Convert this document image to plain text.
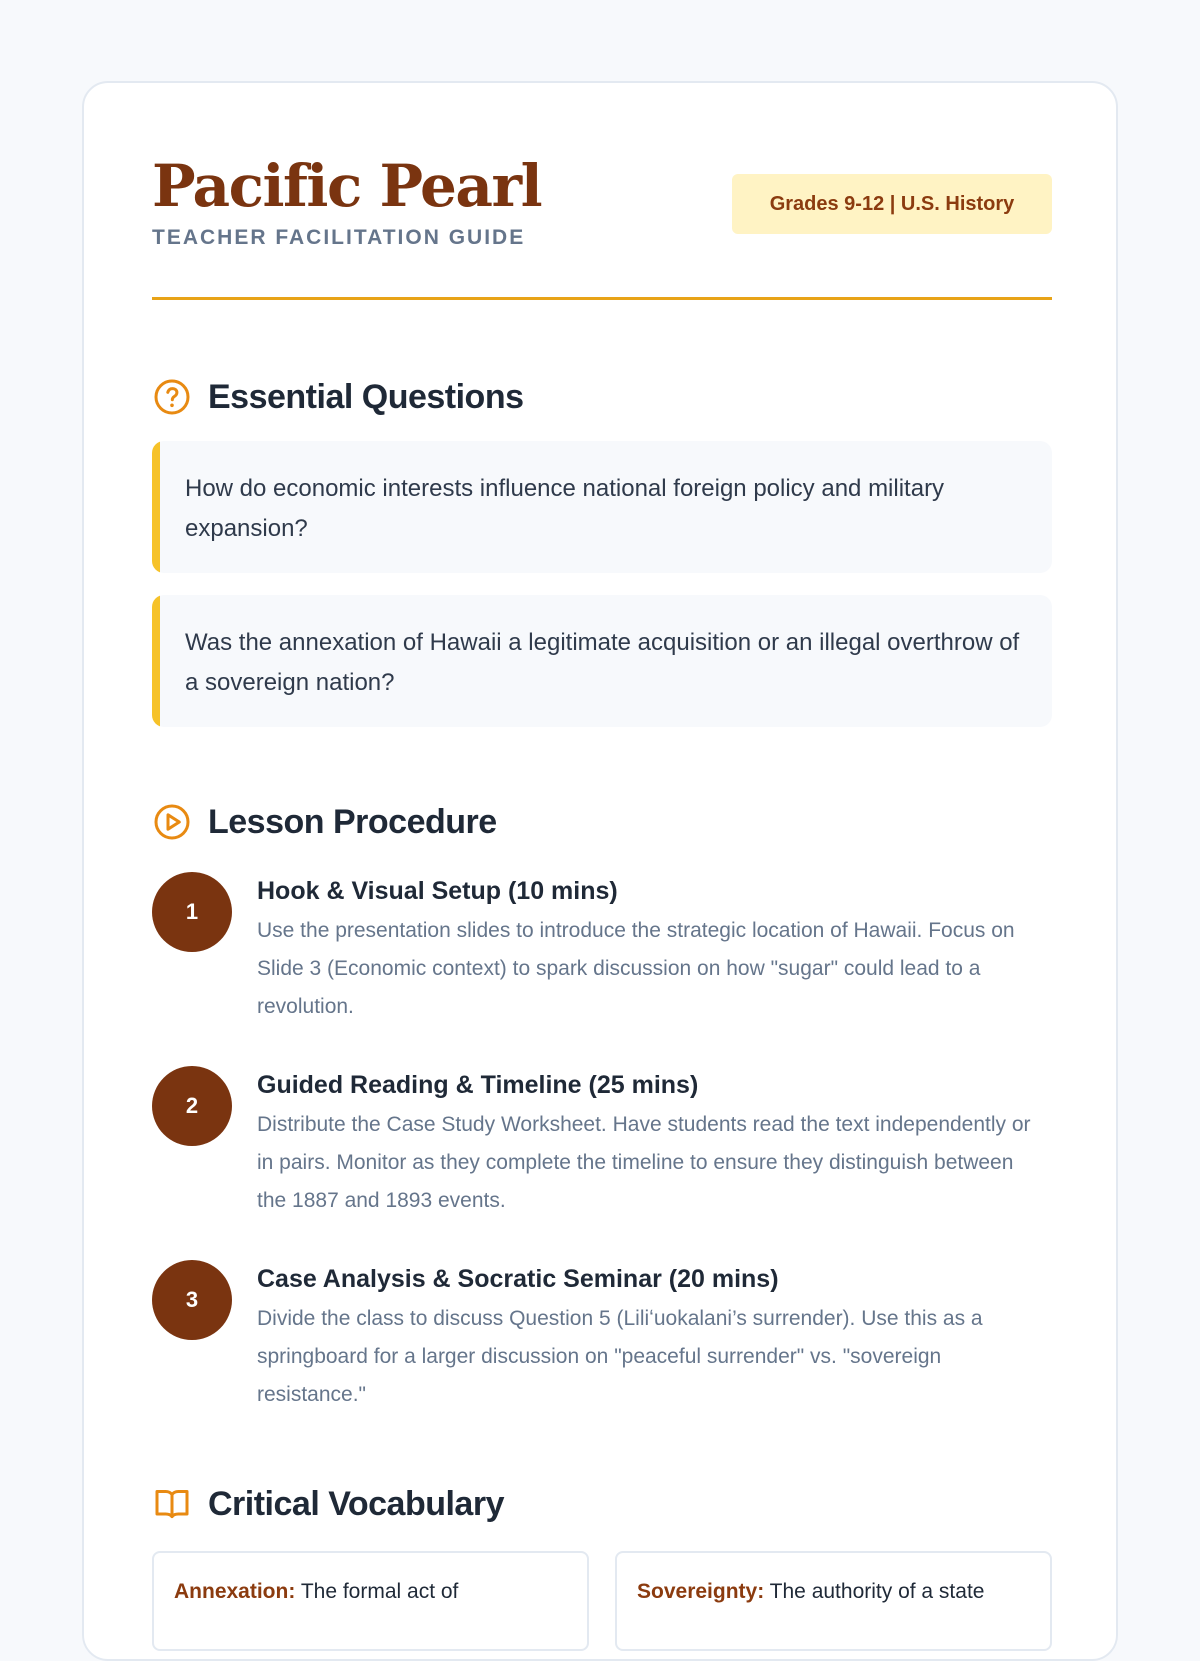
Pacific Pearl

TEACHER FACILITATION GUIDE

Grades 9-12 | U.S. History
Essential Questions

How do economic interests influence national foreign policy and military expansion?

Was the annexation of Hawaii a legitimate acquisition or an illegal overthrow of a sovereign nation?

Lesson Procedure
1
Hook & Visual Setup (10 mins)

Use the presentation slides to introduce the strategic location of Hawaii. Focus on Slide 3 (Economic context) to spark discussion on how "sugar" could lead to a revolution.

2
Guided Reading & Timeline (25 mins)

Distribute the Case Study Worksheet. Have students read the text independently or in pairs. Monitor as they complete the timeline to ensure they distinguish between the 1887 and 1893 events.

3
Case Analysis & Socratic Seminar (20 mins)

Divide the class to discuss Question 5 (Liliʻuokalani’s surrender). Use this as a springboard for a larger discussion on "peaceful surrender" vs. "sovereign resistance."

Critical Vocabulary

Annexation: The formal act of	Sovereignty: The authority of a state
